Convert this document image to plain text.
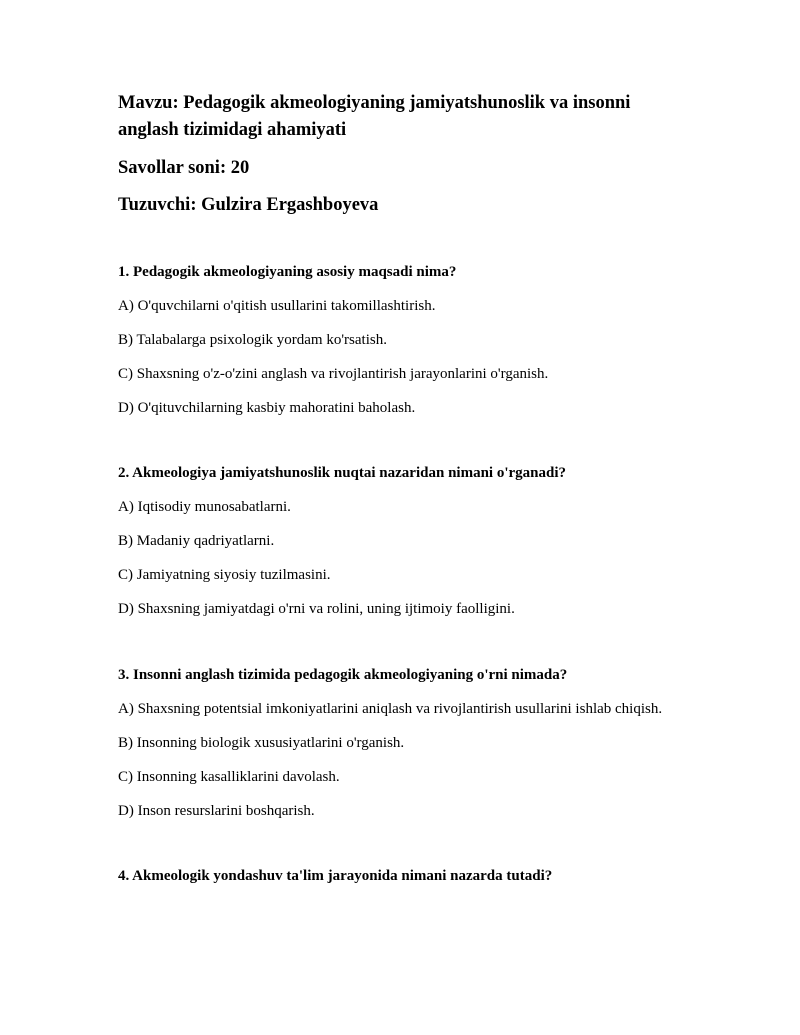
Mavzu: Pedagogik akmeologiyaning jamiyatshunoslik va insonni anglash tizimidagi ahamiyati

Savollar soni: 20

Tuzuvchi: Gulzira Ergashboyeva

1. Pedagogik akmeologiyaning asosiy maqsadi nima?

A) O'quvchilarni o'qitish usullarini takomillashtirish.

B) Talabalarga psixologik yordam ko'rsatish.

C) Shaxsning o'z-o'zini anglash va rivojlantirish jarayonlarini o'rganish.

D) O'qituvchilarning kasbiy mahoratini baholash.

2. Akmeologiya jamiyatshunoslik nuqtai nazaridan nimani o'rganadi?

A) Iqtisodiy munosabatlarni.

B) Madaniy qadriyatlarni.

C) Jamiyatning siyosiy tuzilmasini.

D) Shaxsning jamiyatdagi o'rni va rolini, uning ijtimoiy faolligini.

3. Insonni anglash tizimida pedagogik akmeologiyaning o'rni nimada?

A) Shaxsning potentsial imkoniyatlarini aniqlash va rivojlantirish usullarini ishlab chiqish.

B) Insonning biologik xususiyatlarini o'rganish.

C) Insonning kasalliklarini davolash.

D) Inson resurslarini boshqarish.

4. Akmeologik yondashuv ta'lim jarayonida nimani nazarda tutadi?
